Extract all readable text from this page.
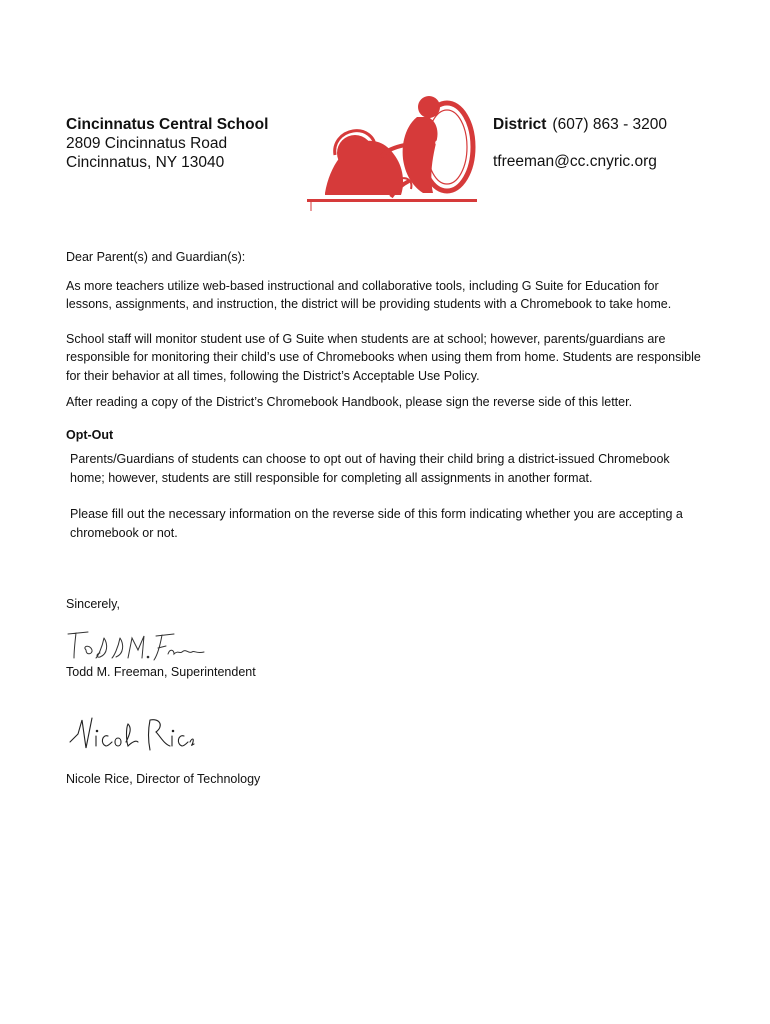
Cincinnatus Central School
2809 Cincinnatus Road
Cincinnatus, NY 13040
CENTRAL
SCHOOL
District (607) 863 - 3200
tfreeman@cc.cnyric.org

Dear Parent(s) and Guardian(s):

As more teachers utilize web-based instructional and collaborative tools, including G Suite for Education for lessons, assignments, and instruction, the district will be providing students with a Chromebook to take home.

School staff will monitor student use of G Suite when students are at school; however, parents/guardians are responsible for monitoring their child’s use of Chromebooks when using them from home. Students are responsible for their behavior at all times, following the District’s Acceptable Use Policy.

After reading a copy of the District’s Chromebook Handbook, please sign the reverse side of this letter.

Opt-Out

Parents/Guardians of students can choose to opt out of having their child bring a district-issued Chromebook home; however, students are still responsible for completing all assignments in another format.

Please fill out the necessary information on the reverse side of this form indicating whether you are accepting a chromebook or not.

Sincerely,
Todd M. Freeman, Superintendent
Nicole Rice, Director of Technology
